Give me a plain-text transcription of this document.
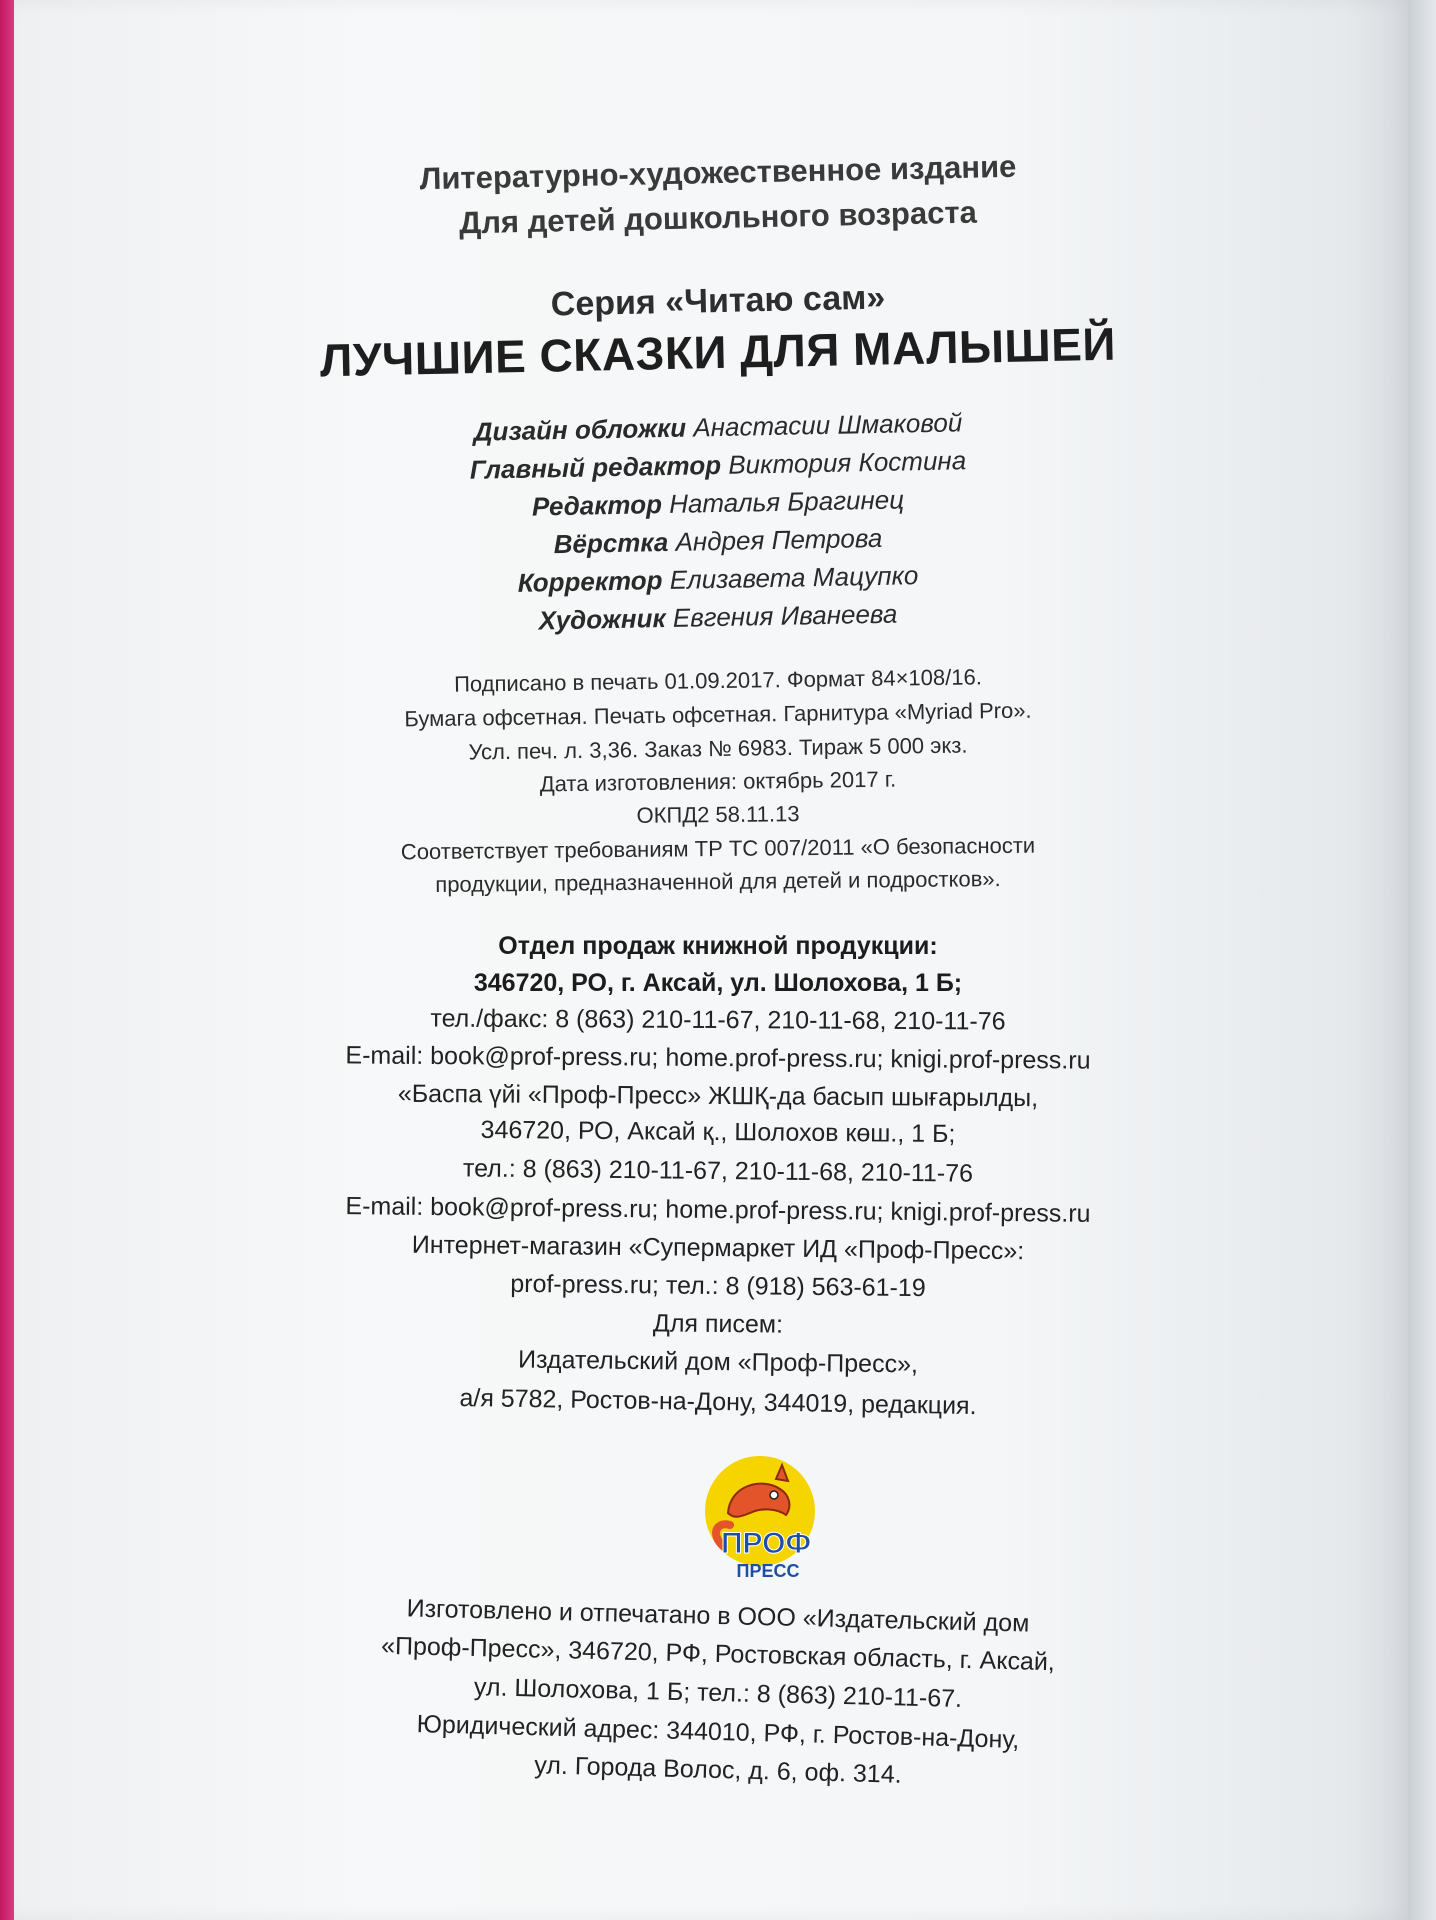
Литературно-художественное издание
Для детей дошкольного возраста
Серия «Читаю сам»
ЛУЧШИЕ СКАЗКИ ДЛЯ МАЛЫШЕЙ
Дизайн обложки Анастасии Шмаковой
Главный редактор Виктория Костина
Редактор Наталья Брагинец
Вёрстка Андрея Петрова
Корректор Елизавета Мацупко
Художник Евгения Иванеева
Подписано в печать 01.09.2017. Формат 84×108/16.
Бумага офсетная. Печать офсетная. Гарнитура «Myriad Pro».
Усл. печ. л. 3,36. Заказ № 6983. Тираж 5 000 экз.
Дата изготовления: октябрь 2017 г.
ОКПД2 58.11.13
Соответствует требованиям ТР ТС 007/2011 «О безопасности
продукции, предназначенной для детей и подростков».
Отдел продаж книжной продукции:
346720, РО, г. Аксай, ул. Шолохова, 1 Б;
тел./факс: 8 (863) 210-11-67, 210-11-68, 210-11-76
E-mail: book@prof-press.ru; home.prof-press.ru; knigi.prof-press.ru
«Баспа үйі «Проф-Пресс» ЖШҚ-да басып шығарылды,
346720, РО, Аксай қ., Шолохов көш., 1 Б;
тел.: 8 (863) 210-11-67, 210-11-68, 210-11-76
E-mail: book@prof-press.ru; home.prof-press.ru; knigi.prof-press.ru
Интернет-магазин «Супермаркет ИД «Проф-Пресс»:
prof-press.ru; тел.: 8 (918) 563-61-19
Для писем:
Издательский дом «Проф-Пресс»,
а/я 5782, Ростов-на-Дону, 344019, редакция.
ПРОФ
ПРЕСС
Изготовлено и отпечатано в ООО «Издательский дом
«Проф-Пресс», 346720, РФ, Ростовская область, г. Аксай,
ул. Шолохова, 1 Б; тел.: 8 (863) 210-11-67.
Юридический адрес: 344010, РФ, г. Ростов-на-Дону,
ул. Города Волос, д. 6, оф. 314.
